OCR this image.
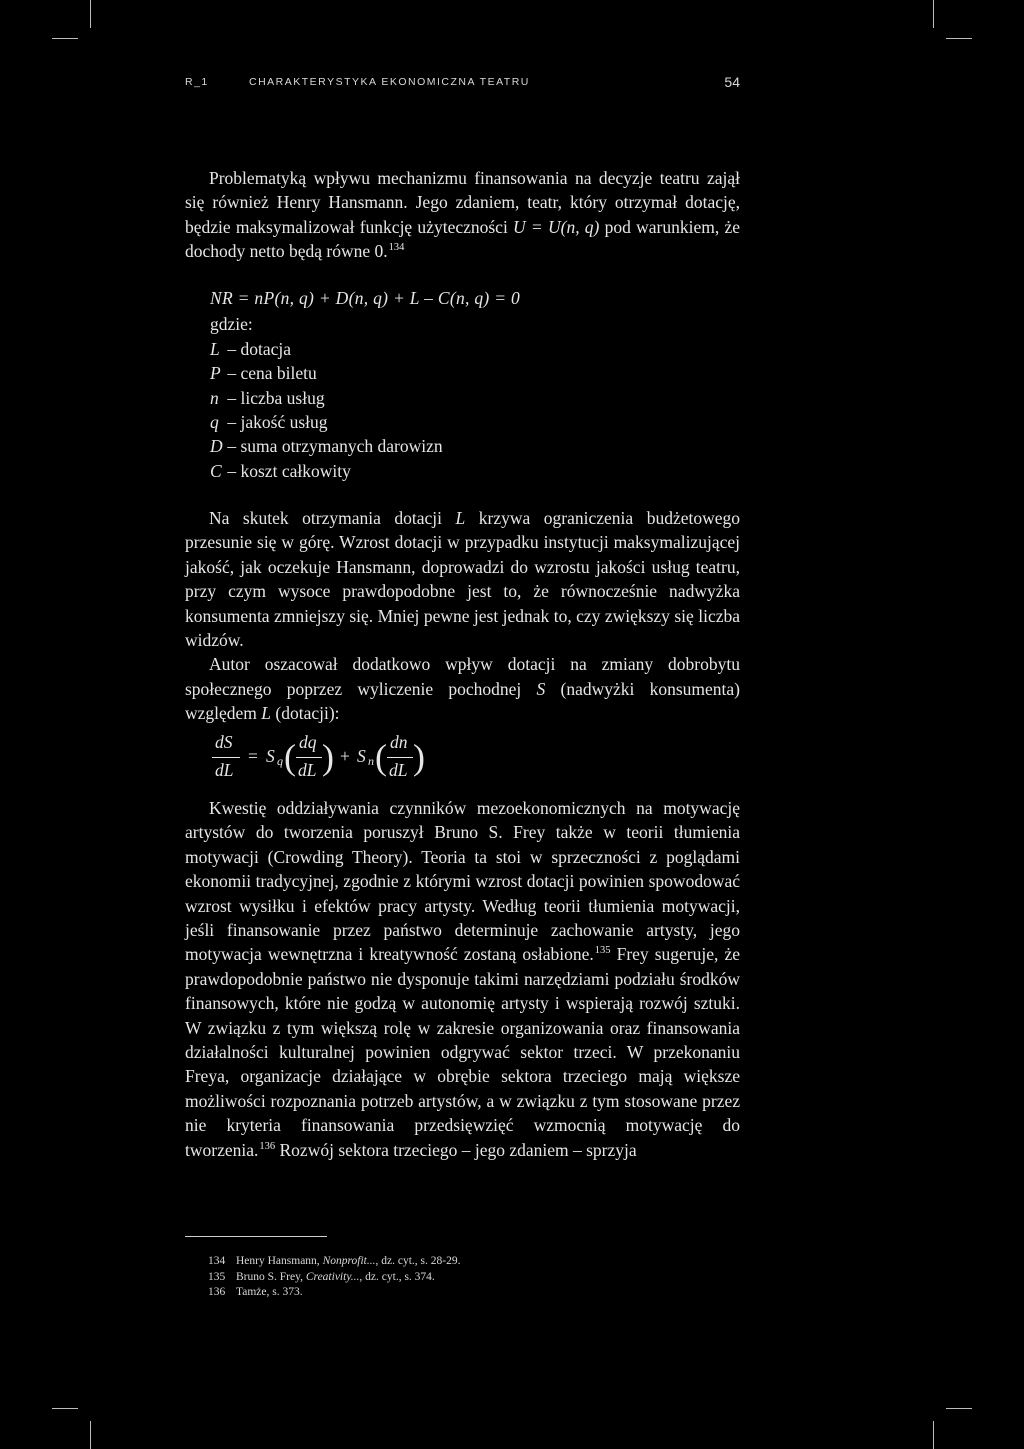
R_1	CHARAKTERYSTYKA EKONOMICZNA TEATRU	54

Problematyką wpływu mechanizmu finansowania na decyzje teatru zajął się również Henry Hansmann. Jego zdaniem, teatr, który otrzymał dotację, będzie maksymalizował funkcję użyteczności U = U(n, q) pod warunkiem, że dochody netto będą równe 0.$^{134}$

NR = nP(n, q) + D(n, q) + L – C(n, q) = 0
gdzie:
L – dotacja
P – cena biletu
n – liczba usług
q – jakość usług
D – suma otrzymanych darowizn
C – koszt całkowity

Na skutek otrzymania dotacji L krzywa ograniczenia budżetowego przesunie się w górę. Wzrost dotacji w przypadku instytucji maksymalizującej jakość, jak oczekuje Hansmann, doprowadzi do wzrostu jakości usług teatru, przy czym wysoce prawdopodobne jest to, że równocześnie nadwyżka konsumenta zmniejszy się. Mniej pewne jest jednak to, czy zwiększy się liczba widzów.

Autor oszacował dodatkowo wpływ dotacji na zmiany dobrobytu społecznego poprzez wyliczenie pochodnej S (nadwyżki konsumenta) względem L (dotacji):

dS
dL
= S q ( dq
dL ) + S n ( dn
dL )

Kwestię oddziaływania czynników mezoekonomicznych na motywację artystów do tworzenia poruszył Bruno S. Frey także w teorii tłumienia motywacji (Crowding Theory). Teoria ta stoi w sprzeczności z poglądami ekonomii tradycyjnej, zgodnie z którymi wzrost dotacji powinien spowodować wzrost wysiłku i efektów pracy artysty. Według teorii tłumienia motywacji, jeśli finansowanie przez państwo determinuje zachowanie artysty, jego motywacja wewnętrzna i kreatywność zostaną osłabione.$^{135}$ Frey sugeruje, że prawdopodobnie państwo nie dysponuje takimi narzędziami podziału środków finansowych, które nie godzą w autonomię artysty i wspierają rozwój sztuki. W związku z tym większą rolę w zakresie organizowania oraz finansowania działalności kulturalnej powinien odgrywać sektor trzeci. W przekonaniu Freya, organizacje działające w obrębie sektora trzeciego mają większe możliwości rozpoznania potrzeb artystów, a w związku z tym stosowane przez nie kryteria finansowania przedsięwzięć wzmocnią motywację do tworzenia.$^{136}$ Rozwój sektora trzeciego – jego zdaniem – sprzyja

134 Henry Hansmann, Nonprofit..., dz. cyt., s. 28-29.
135 Bruno S. Frey, Creativity..., dz. cyt., s. 374.
136 Tamże, s. 373.
